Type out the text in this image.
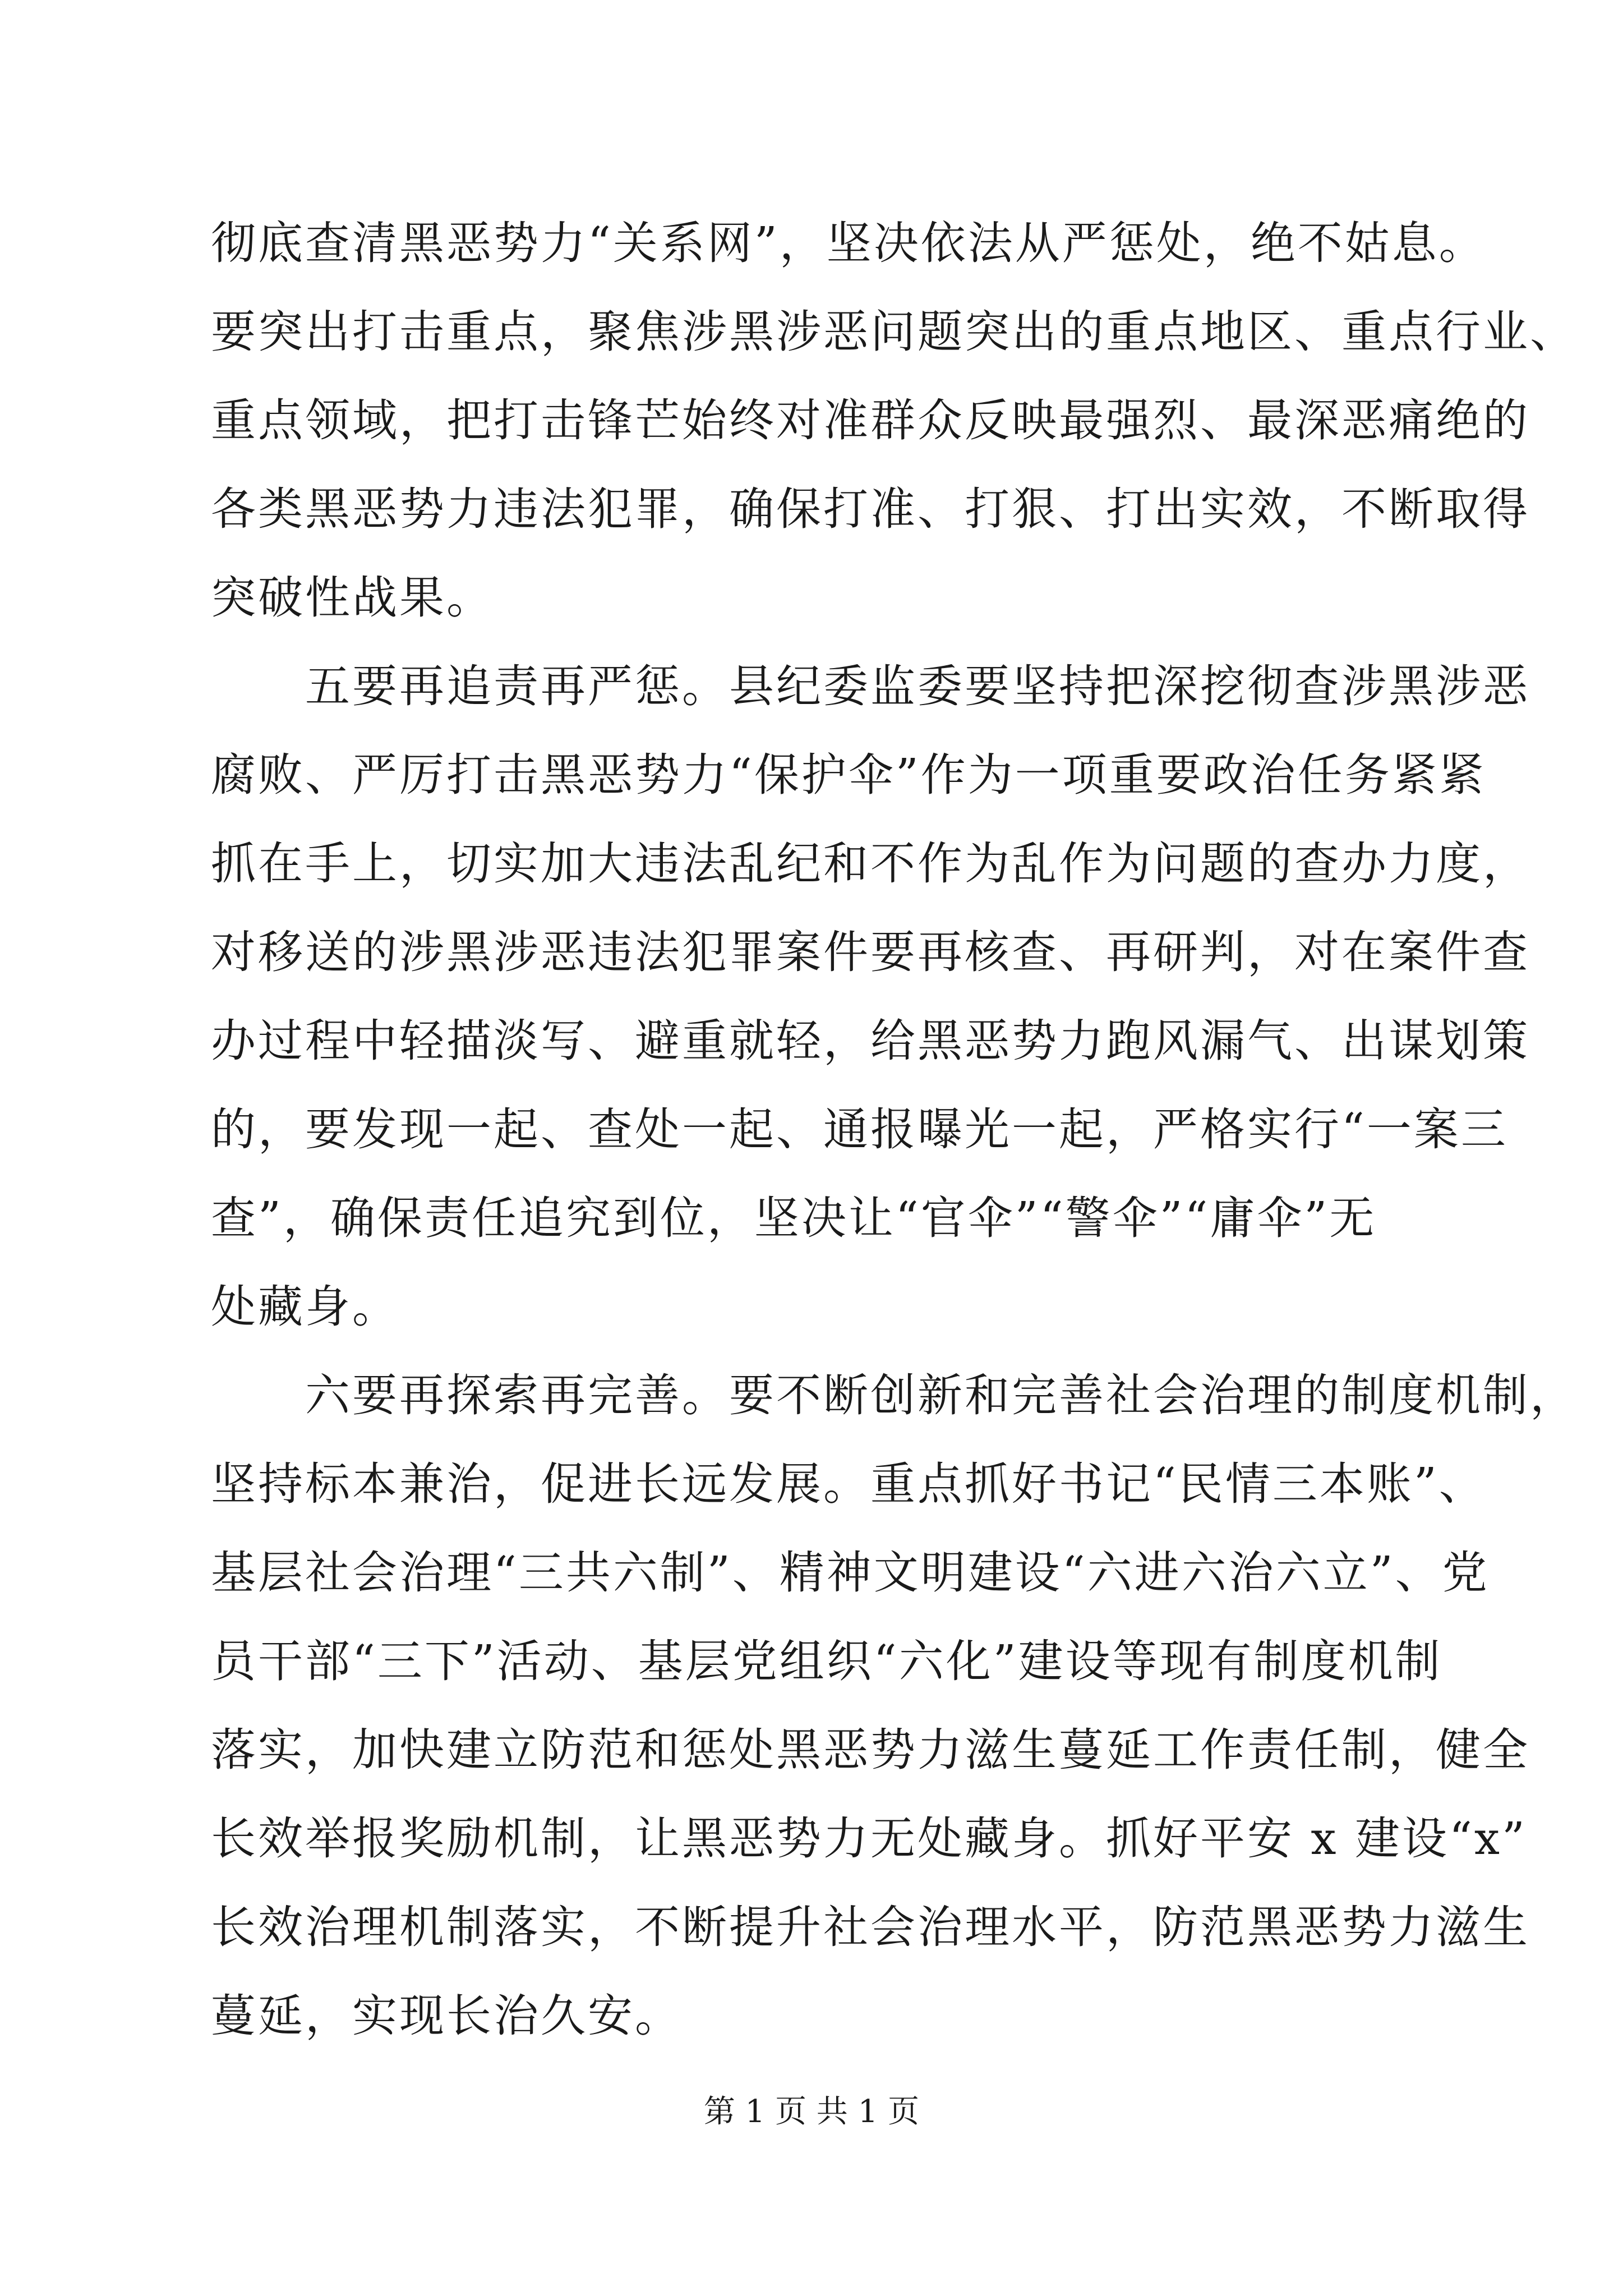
彻底查清黑恶势力“关系网”，坚决依法从严惩处，绝不姑息。
要突出打击重点，聚焦涉黑涉恶问题突出的重点地区、重点行业、
重点领域，把打击锋芒始终对准群众反映最强烈、最深恶痛绝的
各类黑恶势力违法犯罪，确保打准、打狠、打出实效，不断取得
突破性战果。
　　五要再追责再严惩。县纪委监委要坚持把深挖彻查涉黑涉恶
腐败、严厉打击黑恶势力“保护伞”作为一项重要政治任务紧紧
抓在手上，切实加大违法乱纪和不作为乱作为问题的查办力度，
对移送的涉黑涉恶违法犯罪案件要再核查、再研判，对在案件查
办过程中轻描淡写、避重就轻，给黑恶势力跑风漏气、出谋划策
的，要发现一起、查处一起、通报曝光一起，严格实行“一案三
查”，确保责任追究到位，坚决让“官伞”“警伞”“庸伞”无
处藏身。
　　六要再探索再完善。要不断创新和完善社会治理的制度机制，
坚持标本兼治，促进长远发展。重点抓好书记“民情三本账”、
基层社会治理“三共六制”、精神文明建设“六进六治六立”、党
员干部“三下”活动、基层党组织“六化”建设等现有制度机制
落实，加快建立防范和惩处黑恶势力滋生蔓延工作责任制，健全
长效举报奖励机制，让黑恶势力无处藏身。抓好平安 x 建设“x”
长效治理机制落实，不断提升社会治理水平，防范黑恶势力滋生
蔓延，实现长治久安。
第 1 页 共 1 页
